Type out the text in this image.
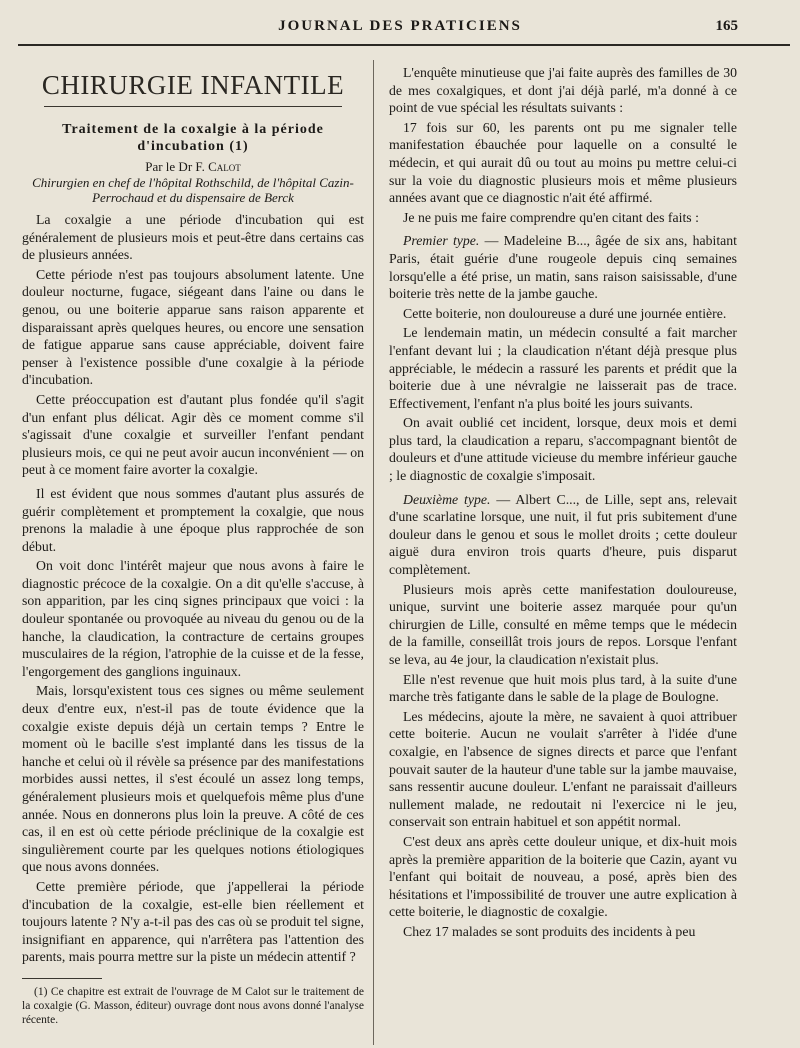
JOURNAL DES PRATICIENS	165
CHIRURGIE INFANTILE
Traitement de la coxalgie à la période d'incubation (1)

Par le Dr F. Calot

Chirurgien en chef de l'hôpital Rothschild, de l'hôpital Cazin-Perrochaud et du dispensaire de Berck

La coxalgie a une période d'incubation qui est généralement de plusieurs mois et peut-être dans certains cas de plusieurs années.

Cette période n'est pas toujours absolument latente. Une douleur nocturne, fugace, siégeant dans l'aine ou dans le genou, ou une boiterie apparue sans raison apparente et disparaissant après quelques heures, ou encore une sensation de fatigue apparue sans cause appréciable, doivent faire penser à l'existence possible d'une coxalgie à la période d'incubation.

Cette préoccupation est d'autant plus fondée qu'il s'agit d'un enfant plus délicat. Agir dès ce moment comme s'il s'agissait d'une coxalgie et surveiller l'enfant pendant plusieurs mois, ce qui ne peut avoir aucun inconvénient — on peut à ce moment faire avorter la coxalgie.

Il est évident que nous sommes d'autant plus assurés de guérir complètement et promptement la coxalgie, que nous prenons la maladie à une époque plus rapprochée de son début.

On voit donc l'intérêt majeur que nous avons à faire le diagnostic précoce de la coxalgie. On a dit qu'elle s'accuse, à son apparition, par les cinq signes principaux que voici : la douleur spontanée ou provoquée au niveau du genou ou de la hanche, la claudication, la contracture de certains groupes musculaires de la région, l'atrophie de la cuisse et de la fesse, l'engorgement des ganglions inguinaux.

Mais, lorsqu'existent tous ces signes ou même seulement deux d'entre eux, n'est-il pas de toute évidence que la coxalgie existe depuis déjà un certain temps ? Entre le moment où le bacille s'est implanté dans les tissus de la hanche et celui où il révèle sa présence par des manifestations morbides aussi nettes, il s'est écoulé un assez long temps, généralement plusieurs mois et quelquefois même plus d'une année. Nous en donnerons plus loin la preuve. A côté de ces cas, il en est où cette période préclinique de la coxalgie est singulièrement courte par les quelques notions étiologiques que nous avons données.

Cette première période, que j'appellerai la période d'incubation de la coxalgie, est-elle bien réellement et toujours latente ? N'y a-t-il pas des cas où se produit tel signe, insignifiant en apparence, qui n'arrêtera pas l'attention des parents, mais pourra mettre sur la piste un médecin attentif ?

(1) Ce chapitre est extrait de l'ouvrage de M Calot sur le traitement de la coxalgie (G. Masson, éditeur) ouvrage dont nous avons donné l'analyse récente.

L'enquête minutieuse que j'ai faite auprès des familles de 30 de mes coxalgiques, et dont j'ai déjà parlé, m'a donné à ce point de vue spécial les résultats suivants :

17 fois sur 60, les parents ont pu me signaler telle manifestation ébauchée pour laquelle on a consulté le médecin, et qui aurait dû ou tout au moins pu mettre celui-ci sur la voie du diagnostic plusieurs mois et même plusieurs années avant que ce diagnostic n'ait été affirmé.

Je ne puis me faire comprendre qu'en citant des faits :

Premier type. — Madeleine B..., âgée de six ans, habitant Paris, était guérie d'une rougeole depuis cinq semaines lorsqu'elle a été prise, un matin, sans raison saisissable, d'une boiterie très nette de la jambe gauche.

Cette boiterie, non douloureuse a duré une journée entière.

Le lendemain matin, un médecin consulté a fait marcher l'enfant devant lui ; la claudication n'étant déjà presque plus appréciable, le médecin a rassuré les parents et prédit que la boiterie due à une névralgie ne laisserait pas de trace. Effectivement, l'enfant n'a plus boité les jours suivants.

On avait oublié cet incident, lorsque, deux mois et demi plus tard, la claudication a reparu, s'accompagnant bientôt de douleurs et d'une attitude vicieuse du membre inférieur gauche ; le diagnostic de coxalgie s'imposait.

Deuxième type. — Albert C..., de Lille, sept ans, relevait d'une scarlatine lorsque, une nuit, il fut pris subitement d'une douleur dans le genou et sous le mollet droits ; cette douleur aiguë dura environ trois quarts d'heure, puis disparut complètement.

Plusieurs mois après cette manifestation douloureuse, unique, survint une boiterie assez marquée pour qu'un chirurgien de Lille, consulté en même temps que le médecin de la famille, conseillât trois jours de repos. Lorsque l'enfant se leva, au 4e jour, la claudication n'existait plus.

Elle n'est revenue que huit mois plus tard, à la suite d'une marche très fatigante dans le sable de la plage de Boulogne.

Les médecins, ajoute la mère, ne savaient à quoi attribuer cette boiterie. Aucun ne voulait s'arrêter à l'idée d'une coxalgie, en l'absence de signes directs et parce que l'enfant pouvait sauter de la hauteur d'une table sur la jambe mauvaise, sans ressentir aucune douleur. L'enfant ne paraissait d'ailleurs nullement malade, ne redoutait ni l'exercice ni le jeu, conservait son entrain habituel et son appétit normal.

C'est deux ans après cette douleur unique, et dix-huit mois après la première apparition de la boiterie que Cazin, ayant vu l'enfant qui boitait de nouveau, a posé, après bien des hésitations et l'impossibilité de trouver une autre explication à cette boiterie, le diagnostic de coxalgie.

Chez 17 malades se sont produits des incidents à peu
